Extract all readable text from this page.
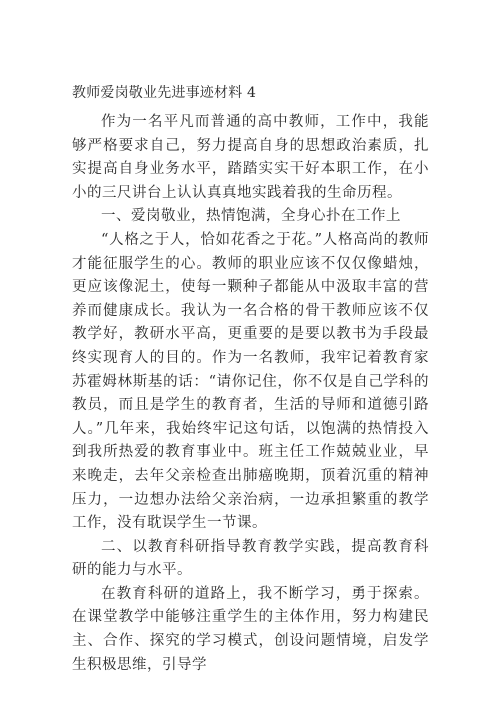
教师爱岗敬业先进事迹材料 4

作为一名平凡而普通的高中教师，工作中，我能够严格要求自己，努力提高自身的思想政治素质，扎实提高自身业务水平，踏踏实实干好本职工作，在小小的三尺讲台上认认真真地实践着我的生命历程。

一、爱岗敬业，热情饱满，全身心扑在工作上

“人格之于人，恰如花香之于花。”人格高尚的教师才能征服学生的心。教师的职业应该不仅仅像蜡烛，更应该像泥土，使每一颗种子都能从中汲取丰富的营养而健康成长。我认为一名合格的骨干教师应该不仅教学好，教研水平高，更重要的是要以教书为手段最终实现育人的目的。作为一名教师，我牢记着教育家苏霍姆林斯基的话：“请你记住，你不仅是自己学科的教员，而且是学生的教育者，生活的导师和道德引路人。”几年来，我始终牢记这句话，以饱满的热情投入到我所热爱的教育事业中。班主任工作兢兢业业，早来晚走，去年父亲检查出肺癌晚期，顶着沉重的精神压力，一边想办法给父亲治病，一边承担繁重的教学工作，没有耽误学生一节课。

二、以教育科研指导教育教学实践，提高教育科研的能力与水平。

在教育科研的道路上，我不断学习，勇于探索。在课堂教学中能够注重学生的主体作用，努力构建民主、合作、探究的学习模式，创设问题情境，启发学生积极思维，引导学
